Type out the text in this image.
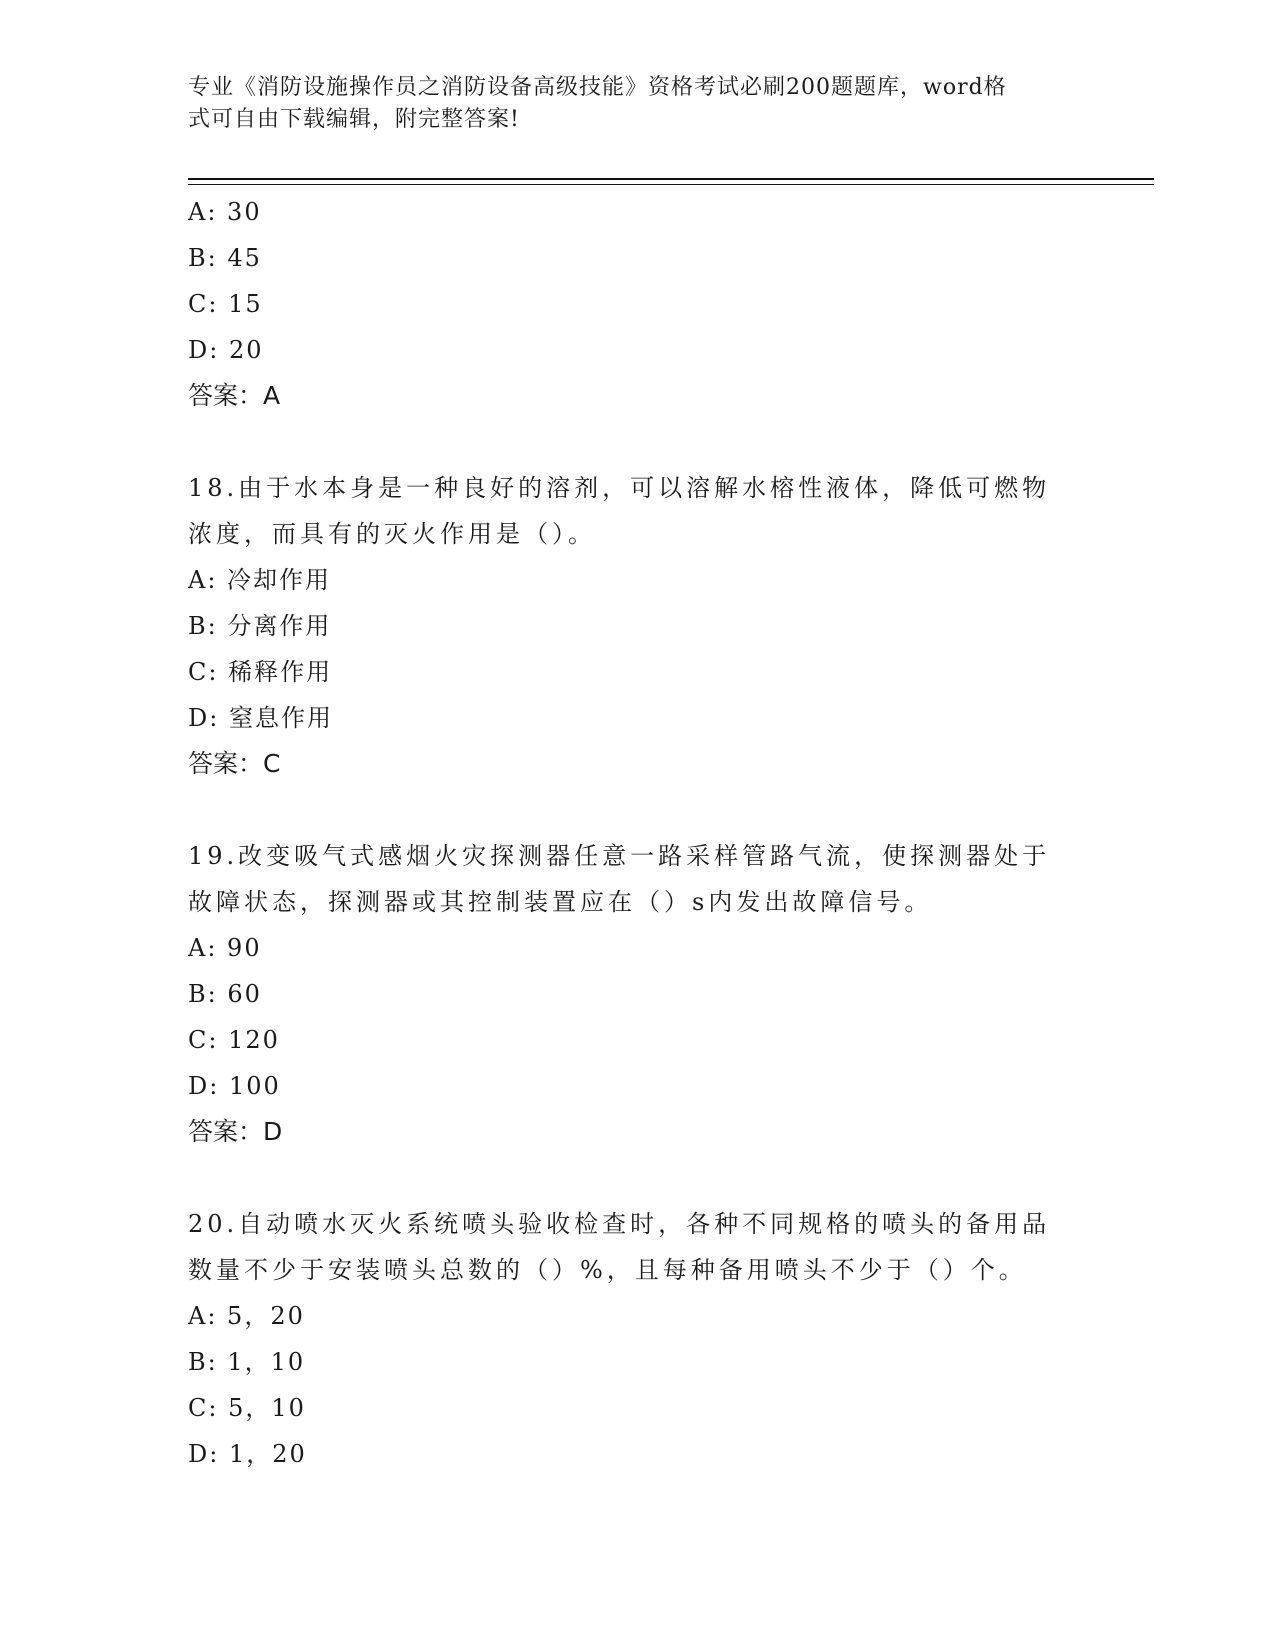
专业《消防设施操作员之消防设备高级技能》资格考试必刷200题题库，word格
式可自由下载编辑，附完整答案!
A: 30
B: 45
C: 15
D: 20
答案：A
18.由于水本身是一种良好的溶剂，可以溶解水榕性液体，降低可燃物
浓度，而具有的灭火作用是（）。
A: 冷却作用
B: 分离作用
C: 稀释作用
D: 窒息作用
答案：C
19.改变吸气式感烟火灾探测器任意一路采样管路气流，使探测器处于
故障状态，探测器或其控制装置应在（）s内发出故障信号。
A: 90
B: 60
C: 120
D: 100
答案：D
20.自动喷水灭火系统喷头验收检查时，各种不同规格的喷头的备用品
数量不少于安装喷头总数的（）%，且每种备用喷头不少于（）个。
A: 5，20
B: 1，10
C: 5，10
D: 1，20
